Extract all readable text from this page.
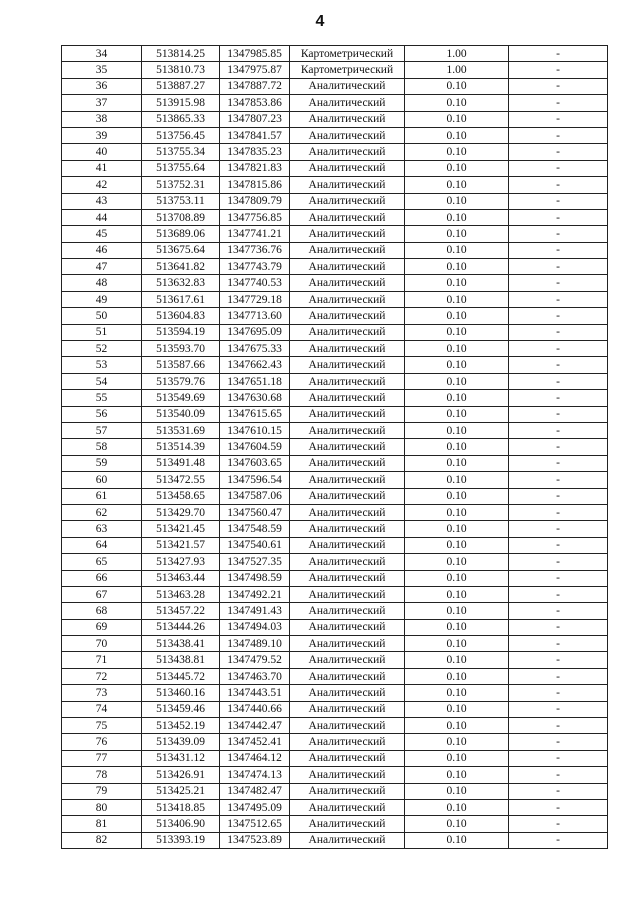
4
34	513814.25	1347985.85	Картометрический	1.00	-
35	513810.73	1347975.87	Картометрический	1.00	-
36	513887.27	1347887.72	Аналитический	0.10	-
37	513915.98	1347853.86	Аналитический	0.10	-
38	513865.33	1347807.23	Аналитический	0.10	-
39	513756.45	1347841.57	Аналитический	0.10	-
40	513755.34	1347835.23	Аналитический	0.10	-
41	513755.64	1347821.83	Аналитический	0.10	-
42	513752.31	1347815.86	Аналитический	0.10	-
43	513753.11	1347809.79	Аналитический	0.10	-
44	513708.89	1347756.85	Аналитический	0.10	-
45	513689.06	1347741.21	Аналитический	0.10	-
46	513675.64	1347736.76	Аналитический	0.10	-
47	513641.82	1347743.79	Аналитический	0.10	-
48	513632.83	1347740.53	Аналитический	0.10	-
49	513617.61	1347729.18	Аналитический	0.10	-
50	513604.83	1347713.60	Аналитический	0.10	-
51	513594.19	1347695.09	Аналитический	0.10	-
52	513593.70	1347675.33	Аналитический	0.10	-
53	513587.66	1347662.43	Аналитический	0.10	-
54	513579.76	1347651.18	Аналитический	0.10	-
55	513549.69	1347630.68	Аналитический	0.10	-
56	513540.09	1347615.65	Аналитический	0.10	-
57	513531.69	1347610.15	Аналитический	0.10	-
58	513514.39	1347604.59	Аналитический	0.10	-
59	513491.48	1347603.65	Аналитический	0.10	-
60	513472.55	1347596.54	Аналитический	0.10	-
61	513458.65	1347587.06	Аналитический	0.10	-
62	513429.70	1347560.47	Аналитический	0.10	-
63	513421.45	1347548.59	Аналитический	0.10	-
64	513421.57	1347540.61	Аналитический	0.10	-
65	513427.93	1347527.35	Аналитический	0.10	-
66	513463.44	1347498.59	Аналитический	0.10	-
67	513463.28	1347492.21	Аналитический	0.10	-
68	513457.22	1347491.43	Аналитический	0.10	-
69	513444.26	1347494.03	Аналитический	0.10	-
70	513438.41	1347489.10	Аналитический	0.10	-
71	513438.81	1347479.52	Аналитический	0.10	-
72	513445.72	1347463.70	Аналитический	0.10	-
73	513460.16	1347443.51	Аналитический	0.10	-
74	513459.46	1347440.66	Аналитический	0.10	-
75	513452.19	1347442.47	Аналитический	0.10	-
76	513439.09	1347452.41	Аналитический	0.10	-
77	513431.12	1347464.12	Аналитический	0.10	-
78	513426.91	1347474.13	Аналитический	0.10	-
79	513425.21	1347482.47	Аналитический	0.10	-
80	513418.85	1347495.09	Аналитический	0.10	-
81	513406.90	1347512.65	Аналитический	0.10	-
82	513393.19	1347523.89	Аналитический	0.10	-
